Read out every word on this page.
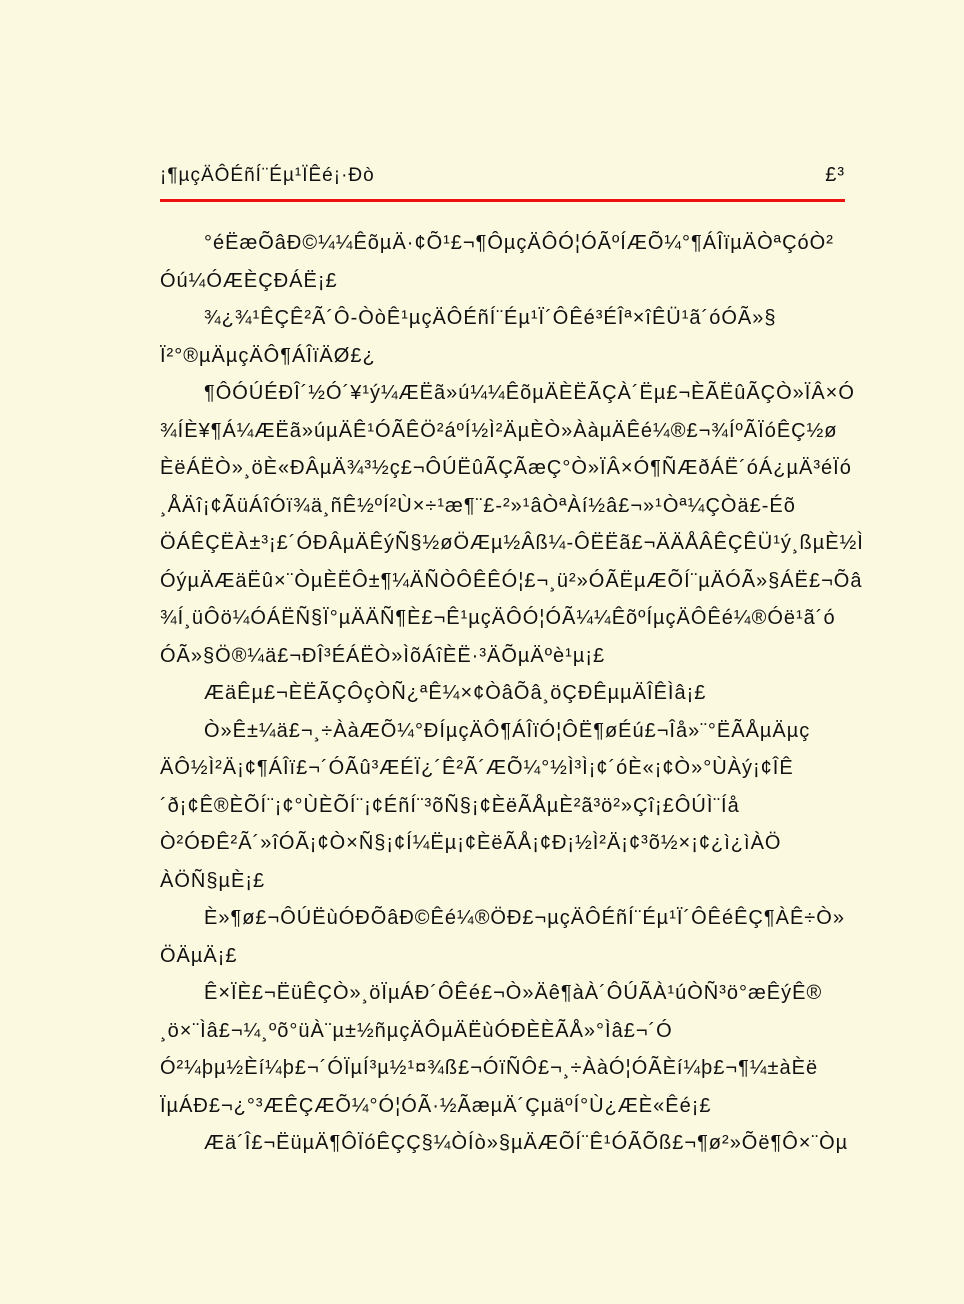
¡¶µçÄÔÉñÍ¨Éµ¹ÏÊé¡·Ðò	£³
°éËæÕâÐ©¼¼ÊõµÄ·¢Õ¹£¬¶ÔµçÄÔÓ¦ÓÃºÍÆÕ¼°¶ÁÎïµÄÒªÇóÒ²
Óú¼ÓÆÈÇÐÁË¡£
¾¿¾¹ÊÇÊ²Ã´Ô-ÒòÊ¹µçÄÔÉñÍ¨Éµ¹Ï´ÔÊé³ÉÎª×îÊÜ¹ã´óÓÃ»§
Ï²°®µÄµçÄÔ¶ÁÎïÄØ£¿
¶ÔÓÚÉÐÎ´½Ó´¥¹ý¼ÆËã»ú¼¼ÊõµÄÈËÃÇÀ´Ëµ£¬ÈÃËûÃÇÒ»ÏÂ×Ó
¾ÍÈ¥¶Á¼ÆËã»úµÄÊ¹ÓÃÊÖ²áºÍ½Ì²ÄµÈÒ»ÀàµÄÊé¼®£¬¾ÍºÃÏóÊÇ½ø
ÈëÁËÒ»¸öÈ«ÐÂµÄ¾³½ç£¬ÔÚËûÃÇÃæÇ°Ò»ÏÂ×Ó¶ÑÆðÁË´óÁ¿µÄ³éÏó
¸ÅÄî¡¢ÃüÁîÓï¾ä¸ñÊ½ºÍ²Ù×÷¹æ¶¨£-²»¹âÒªÀí½â£¬»¹Òª¼ÇÒä£-Éõ
ÖÁÊÇËÀ±³¡£´ÓÐÂµÄÊýÑ§½øÖÆµ½Âß¼-ÔËËã£¬ÄÄÅÂÊÇÊÜ¹ý¸ßµÈ½Ì
ÓýµÄÆäËû×¨ÒµÈËÔ±¶¼ÄÑÒÔÊÊÓ¦£¬¸ü²»ÓÃËµÆÕÍ¨µÄÓÃ»§ÁË£¬Õâ
¾Í¸üÔö¼ÓÁËÑ§Ï°µÄÄÑ¶È£¬Ê¹µçÄÔÓ¦ÓÃ¼¼ÊõºÍµçÄÔÊé¼®Óë¹ã´ó
ÓÃ»§Ö®¼ä£¬ÐÎ³ÉÁËÒ»ÌõÁîÈË·³ÄÕµÄºè¹µ¡£
ÆäÊµ£¬ÈËÃÇÔçÒÑ¿ªÊ¼×¢ÒâÕâ¸öÇÐÊµµÄÎÊÌâ¡£
Ò»Ê±¼ä£¬¸÷ÀàÆÕ¼°ÐÍµçÄÔ¶ÁÎïÓ¦ÔË¶øÉú£¬Îå»¨°ËÃÅµÄµç
ÄÔ½Ì²Ä¡¢¶ÁÎï£¬´ÓÃû³ÆÉÏ¿´Ê²Ã´ÆÕ¼°½Ì³Ì¡¢´óÈ«¡¢Ò»°ÙÀý¡¢ÎÊ
´ð¡¢Ê®ÈÕÍ¨¡¢°ÙÈÕÍ¨¡¢ÉñÍ¨³õÑ§¡¢ÈëÃÅµÈ²ã³ö²»Çî¡£ÔÚÌ¨Íå
Ò²ÓÐÊ²Ã´»îÓÃ¡¢Ò×Ñ§¡¢Í¼Ëµ¡¢ÈëÃÅ¡¢Ð¡½Ì²Ä¡¢³õ½×¡¢¿ì¿ìÀÖ
ÀÖÑ§µÈ¡£
È»¶ø£¬ÔÚËùÓÐÕâÐ©Êé¼®ÖÐ£¬µçÄÔÉñÍ¨Éµ¹Ï´ÔÊéÊÇ¶ÀÊ÷Ò»
ÖÄµÄ¡£
Ê×ÏÈ£¬ËüÊÇÒ»¸öÏµÁÐ´ÔÊé£¬Ò»Äê¶àÀ´ÔÚÃÀ¹úÒÑ³ö°æÊýÊ®
¸ö×¨Ìâ£¬¼¸ºõ°üÀ¨µ±½ñµçÄÔµÄËùÓÐÈÈÃÅ»°Ìâ£¬´Ó
Ó²¼þµ½Èí¼þ£¬´ÓÏµÍ³µ½¹¤¾ß£¬ÓïÑÔ£¬¸÷ÀàÓ¦ÓÃÈí¼þ£¬¶¼±àÈë
ÏµÁÐ£¬¿°³ÆÊÇÆÕ¼°Ó¦ÓÃ·½ÃæµÄ´ÇµäºÍ°Ù¿ÆÈ«Êé¡£
Æä´Î£¬ËüµÄ¶ÔÏóÊÇÇ§¼ÒÍò»§µÄÆÕÍ¨Ê¹ÓÃÕß£¬¶ø²»Õë¶Ô×¨Òµ
